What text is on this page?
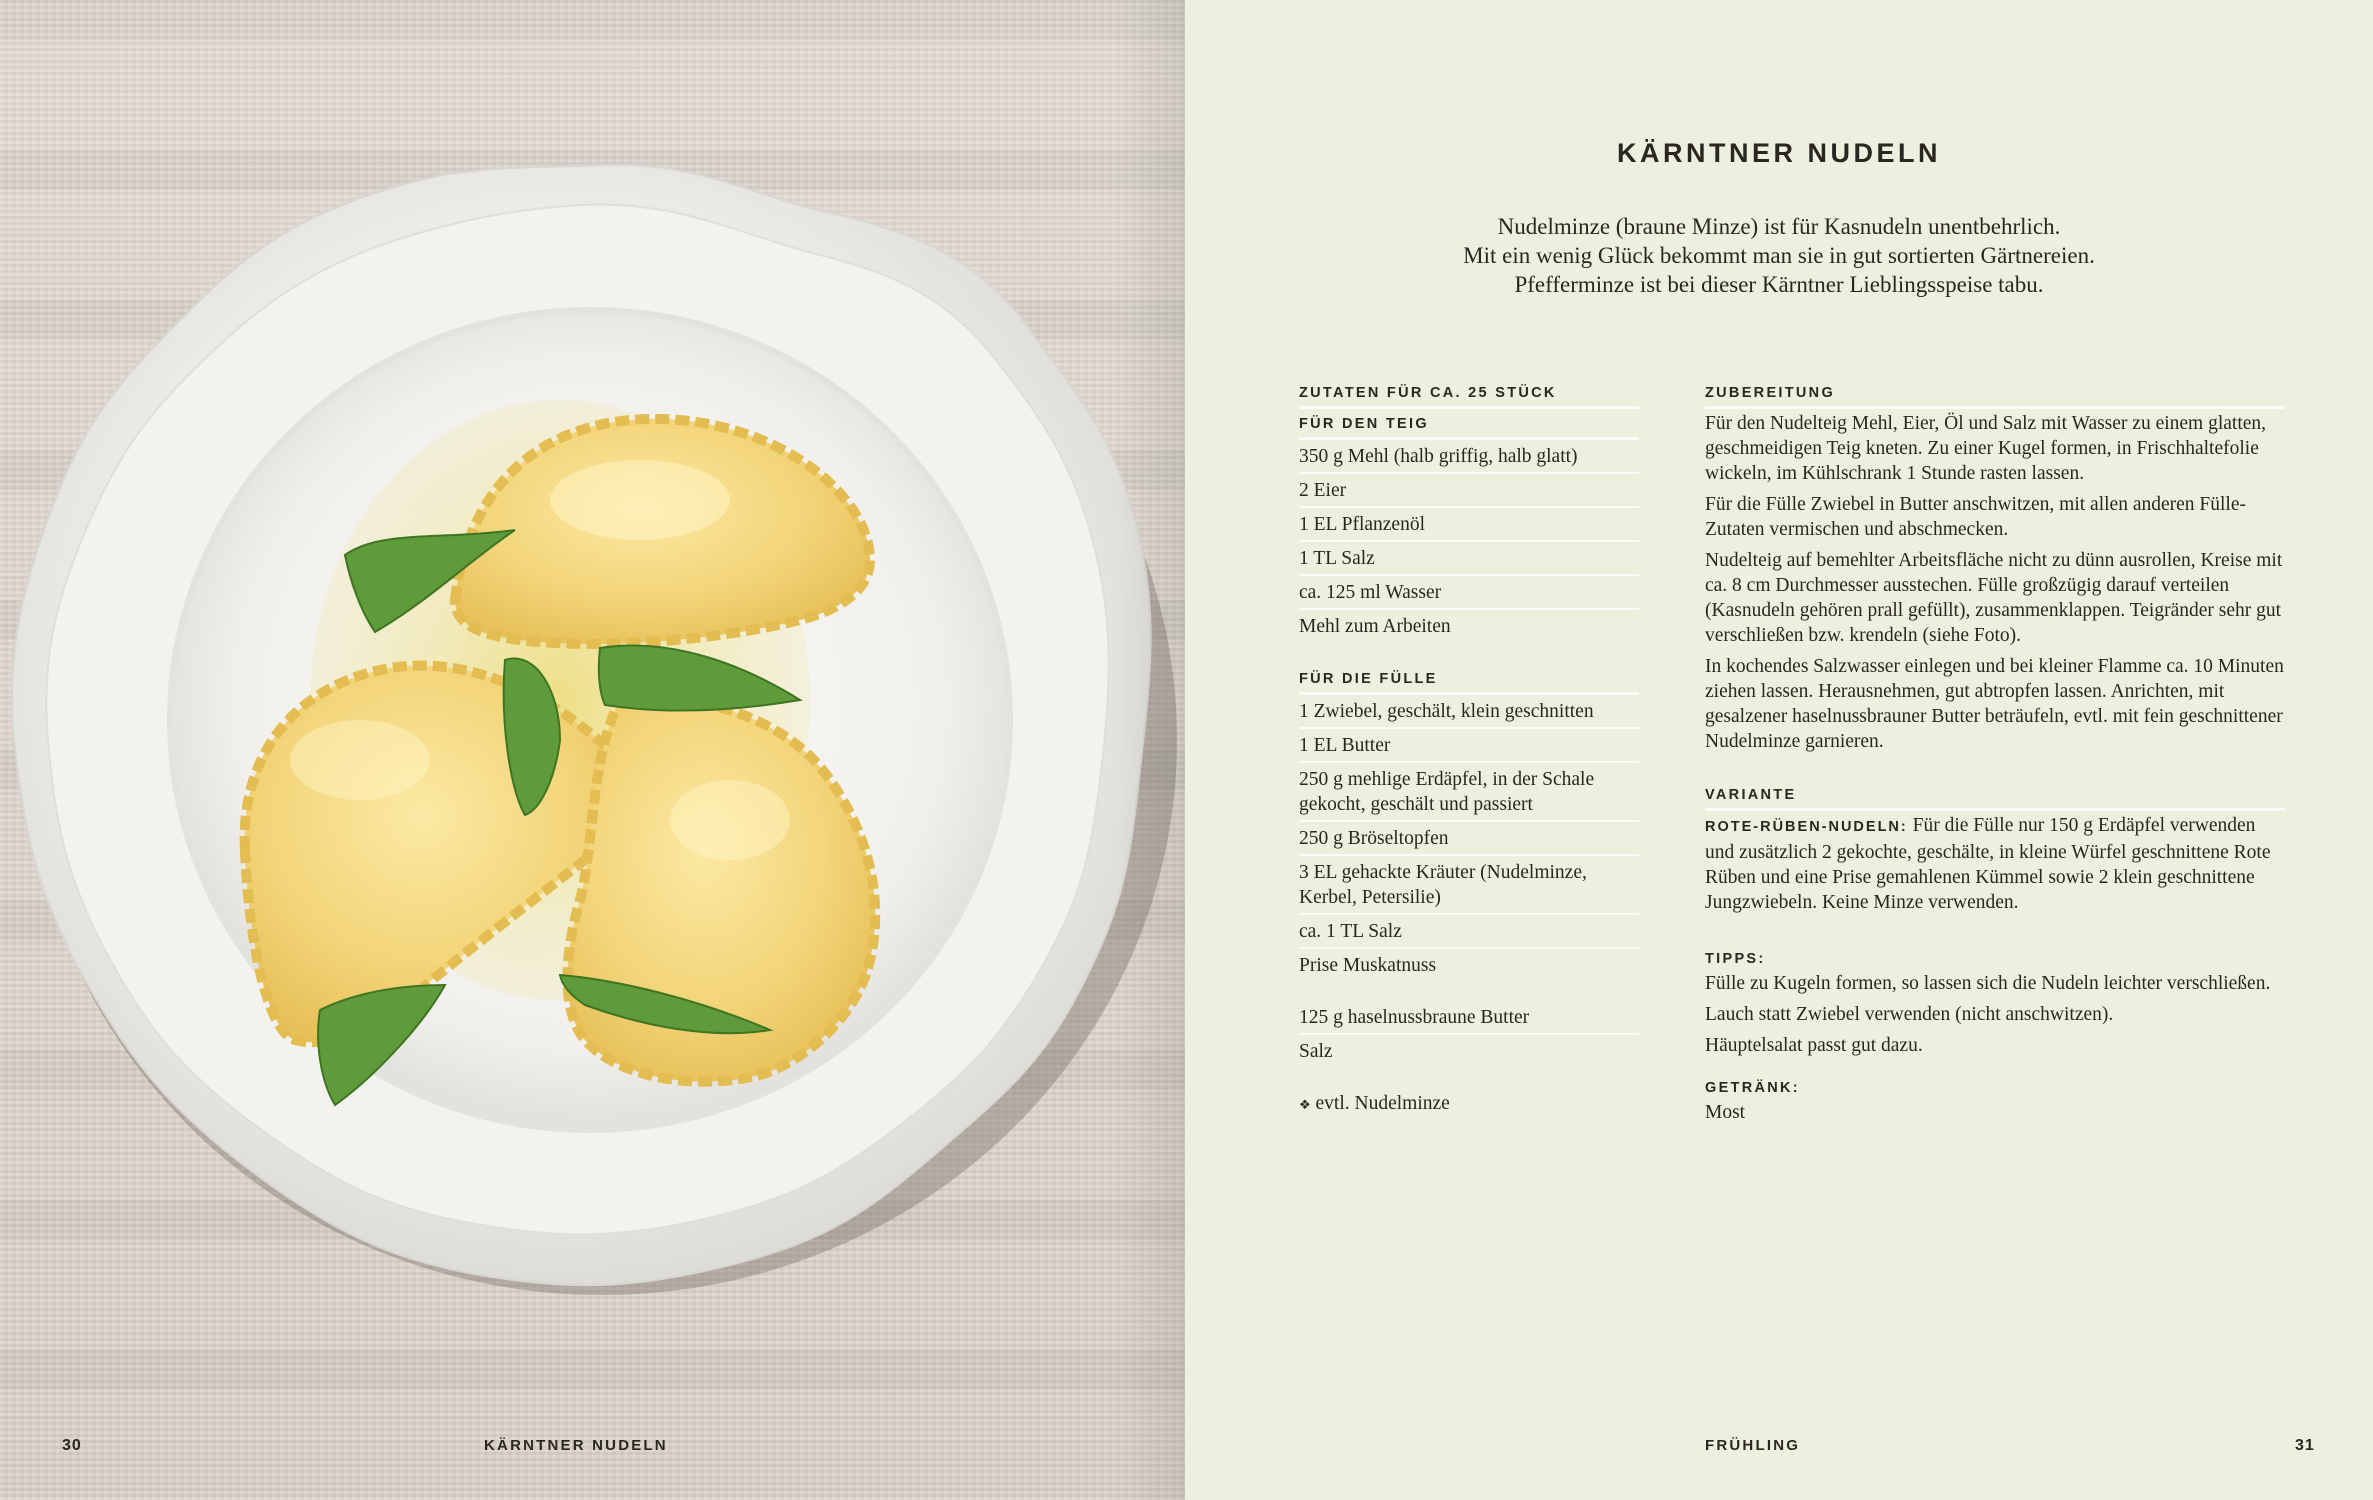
30	KÄRNTNER NUDELN
KÄRNTNER NUDELN
Nudelminze (braune Minze) ist für Kasnudeln unentbehrlich.
Mit ein wenig Glück bekommt man sie in gut sortierten Gärtnereien.
Pfefferminze ist bei dieser Kärntner Lieblingsspeise tabu.
ZUTATEN FÜR CA. 25 STÜCK
FÜR DEN TEIG
350 g Mehl (halb griffig, halb glatt)
2 Eier
1 EL Pflanzenöl
1 TL Salz
ca. 125 ml Wasser
Mehl zum Arbeiten
FÜR DIE FÜLLE
1 Zwiebel, geschält, klein geschnitten
1 EL Butter
250 g mehlige Erdäpfel, in der Schale gekocht, geschält und passiert
250 g Bröseltopfen
3 EL gehackte Kräuter (Nudelminze, Kerbel, Petersilie)
ca. 1 TL Salz
Prise Muskatnuss
125 g haselnussbraune Butter
Salz
❖ evtl. Nudelminze
ZUBEREITUNG

Für den Nudelteig Mehl, Eier, Öl und Salz mit Wasser zu einem glatten, geschmeidigen Teig kneten. Zu einer Kugel formen, in Frischhaltefolie wickeln, im Kühlschrank 1 Stunde rasten lassen.

Für die Fülle Zwiebel in Butter anschwitzen, mit allen anderen Fülle-Zutaten vermischen und abschmecken.

Nudelteig auf bemehlter Arbeitsfläche nicht zu dünn ausrollen, Kreise mit ca. 8 cm Durchmesser ausstechen. Fülle großzügig darauf verteilen (Kasnudeln gehören prall gefüllt), zusammenklappen. Teigränder sehr gut verschließen bzw. krendeln (siehe Foto).

In kochendes Salzwasser einlegen und bei kleiner Flamme ca. 10 Minuten ziehen lassen. Herausnehmen, gut abtropfen lassen. Anrichten, mit gesalzener haselnussbrauner Butter beträufeln, evtl. mit fein geschnittener Nudelminze garnieren.

VARIANTE

ROTE-RÜBEN-NUDELN: Für die Fülle nur 150 g Erdäpfel verwenden und zusätzlich 2 gekochte, geschälte, in kleine Würfel geschnittene Rote Rüben und eine Prise gemahlenen Kümmel sowie 2 klein geschnittene Jungzwiebeln. Keine Minze verwenden.

TIPPS:

Fülle zu Kugeln formen, so lassen sich die Nudeln leichter verschließen.

Lauch statt Zwiebel verwenden (nicht anschwitzen).

Häuptelsalat passt gut dazu.

GETRÄNK:

Most

FRÜHLING	31
